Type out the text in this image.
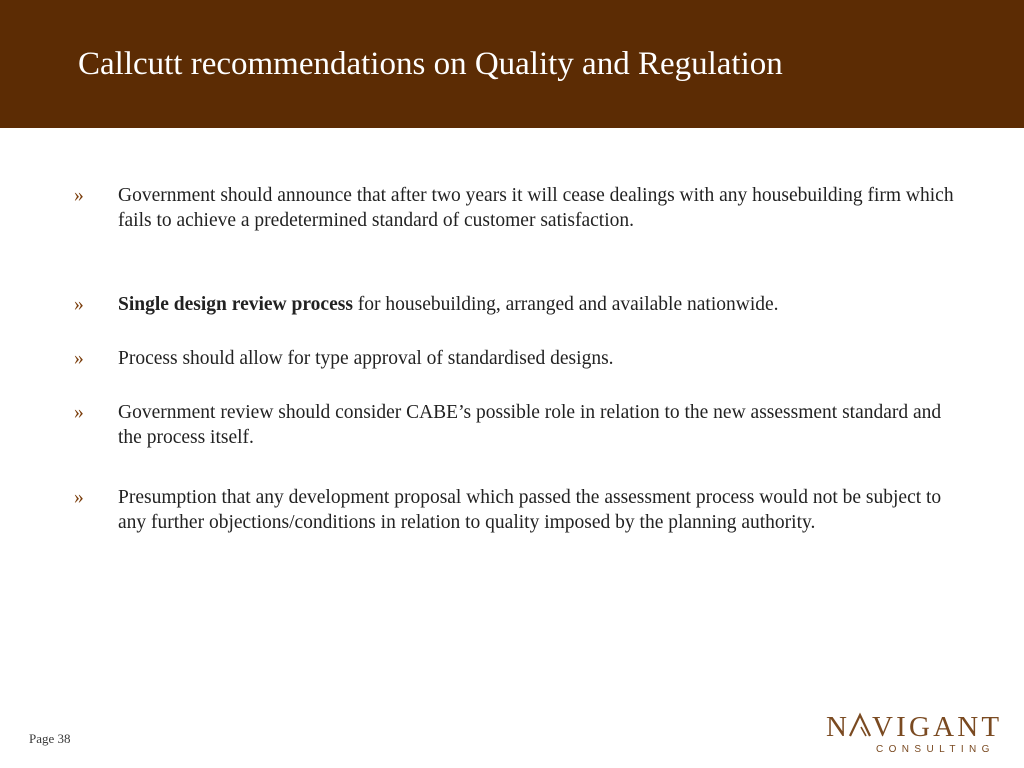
Callcutt recommendations on Quality and Regulation
»	Government should announce that after two years it will cease dealings with any housebuilding firm which fails to achieve a predetermined standard of customer satisfaction.
»	Single design review process for housebuilding, arranged and available nationwide.
»	Process should allow for type approval of standardised designs.
»	Government review should consider CABE’s possible role in relation to the new assessment standard and the process itself.
»	Presumption that any development proposal which passed the assessment process would not be subject to any further objections/conditions in relation to quality imposed by the planning authority.
Page 38	N VIGANT
CONSULTING
